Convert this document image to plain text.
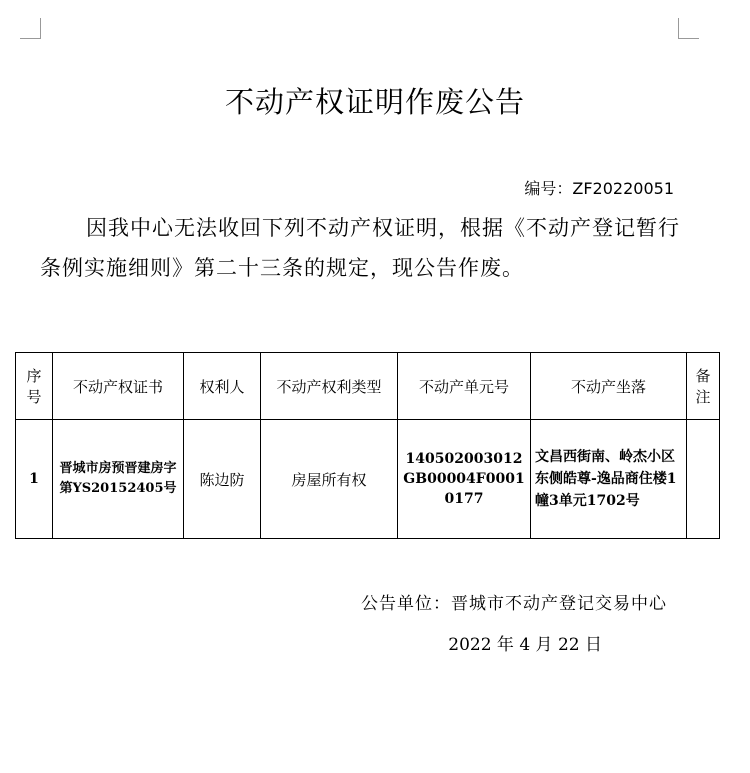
不动产权证明作废公告
编号：ZF20220051
因我中心无法收回下列不动产权证明，根据《不动产登记暂行条例实施细则》第二十三条的规定，现公告作废。
序号	不动产权证书	权利人	不动产权利类型	不动产单元号	不动产坐落	备注
1	晋城市房预晋建房字第YS20152405号	陈边防	房屋所有权	140502003012GB00004F00010177	文昌西街南、岭杰小区东侧皓尊-逸品商住楼1幢3单元1702号	
公告单位：晋城市不动产登记交易中心
2022 年 4 月 22 日
